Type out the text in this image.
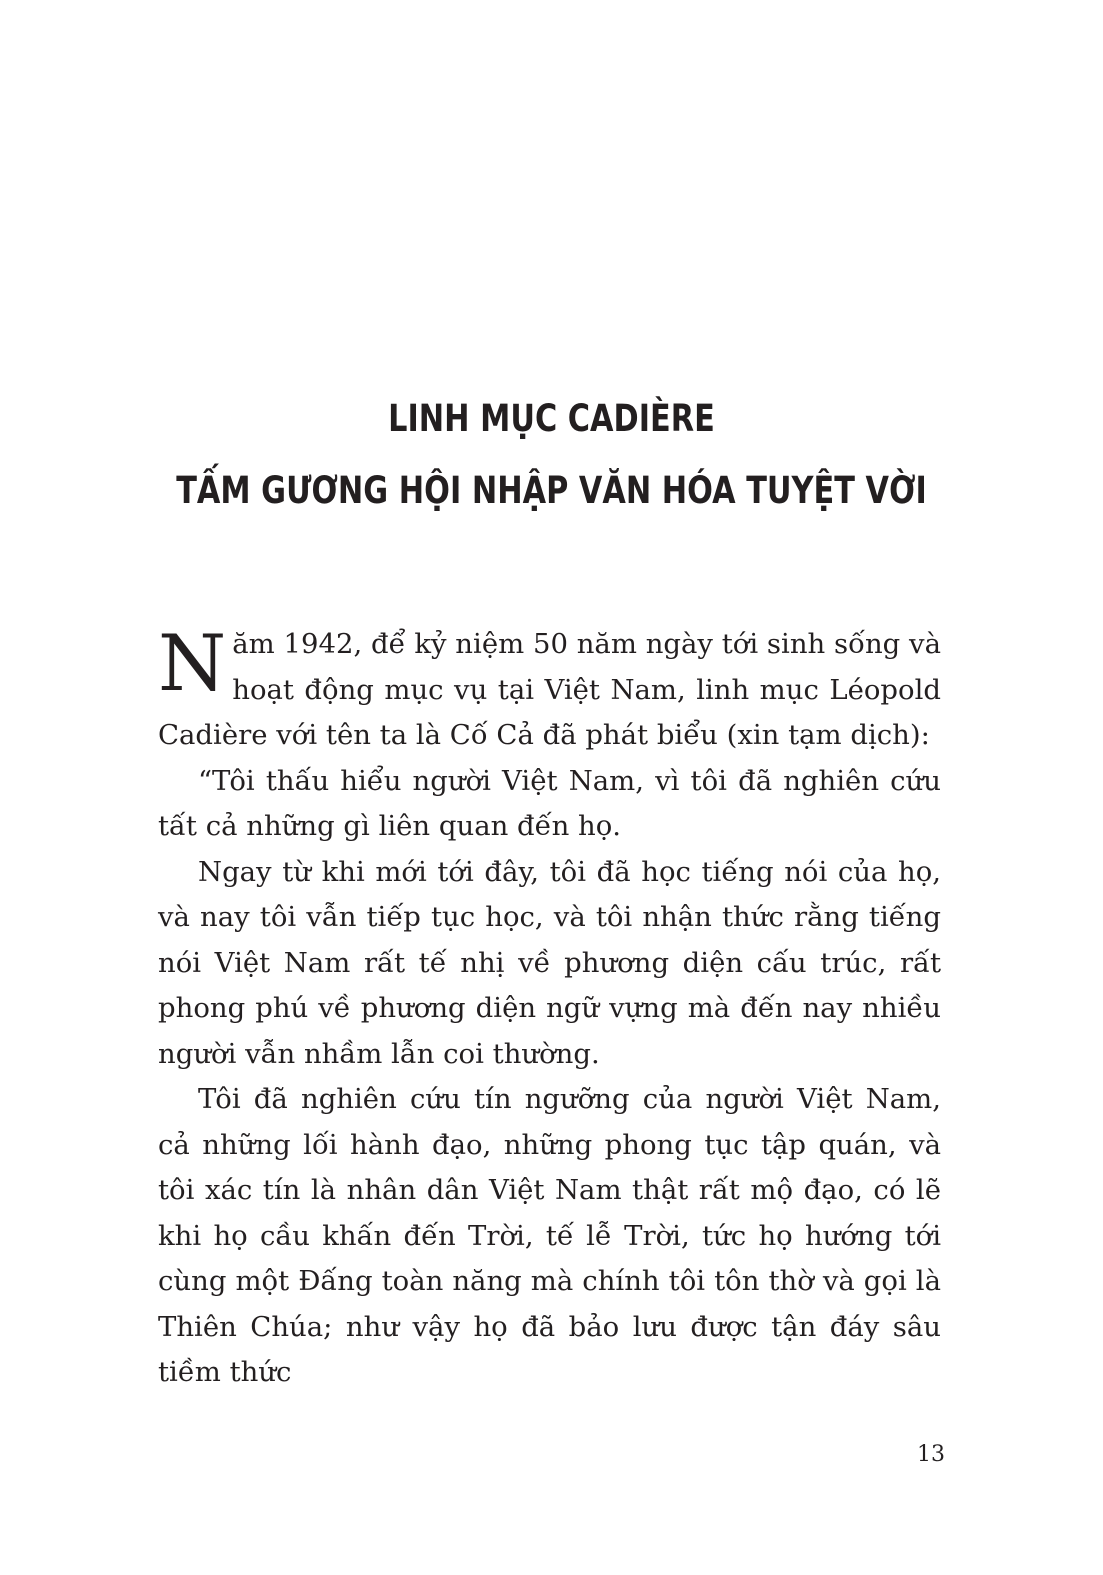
LINH MỤC CADIÈRE
TẤM GƯƠNG HỘI NHẬP VĂN HÓA TUYỆT VỜI

Năm 1942, để kỷ niệm 50 năm ngày tới sinh sống và hoạt động mục vụ tại Việt Nam, linh mục Léopold Cadière với tên ta là Cố Cả đã phát biểu (xin tạm dịch):

“Tôi thấu hiểu người Việt Nam, vì tôi đã nghiên cứu tất cả những gì liên quan đến họ.

Ngay từ khi mới tới đây, tôi đã học tiếng nói của họ, và nay tôi vẫn tiếp tục học, và tôi nhận thức rằng tiếng nói Việt Nam rất tế nhị về phương diện cấu trúc, rất phong phú về phương diện ngữ vựng mà đến nay nhiều người vẫn nhầm lẫn coi thường.

Tôi đã nghiên cứu tín ngưỡng của người Việt Nam, cả những lối hành đạo, những phong tục tập quán, và tôi xác tín là nhân dân Việt Nam thật rất mộ đạo, có lẽ khi họ cầu khấn đến Trời, tế lễ Trời, tức họ hướng tới cùng một Đấng toàn năng mà chính tôi tôn thờ và gọi là Thiên Chúa; như vậy họ đã bảo lưu được tận đáy sâu tiềm thức

13
